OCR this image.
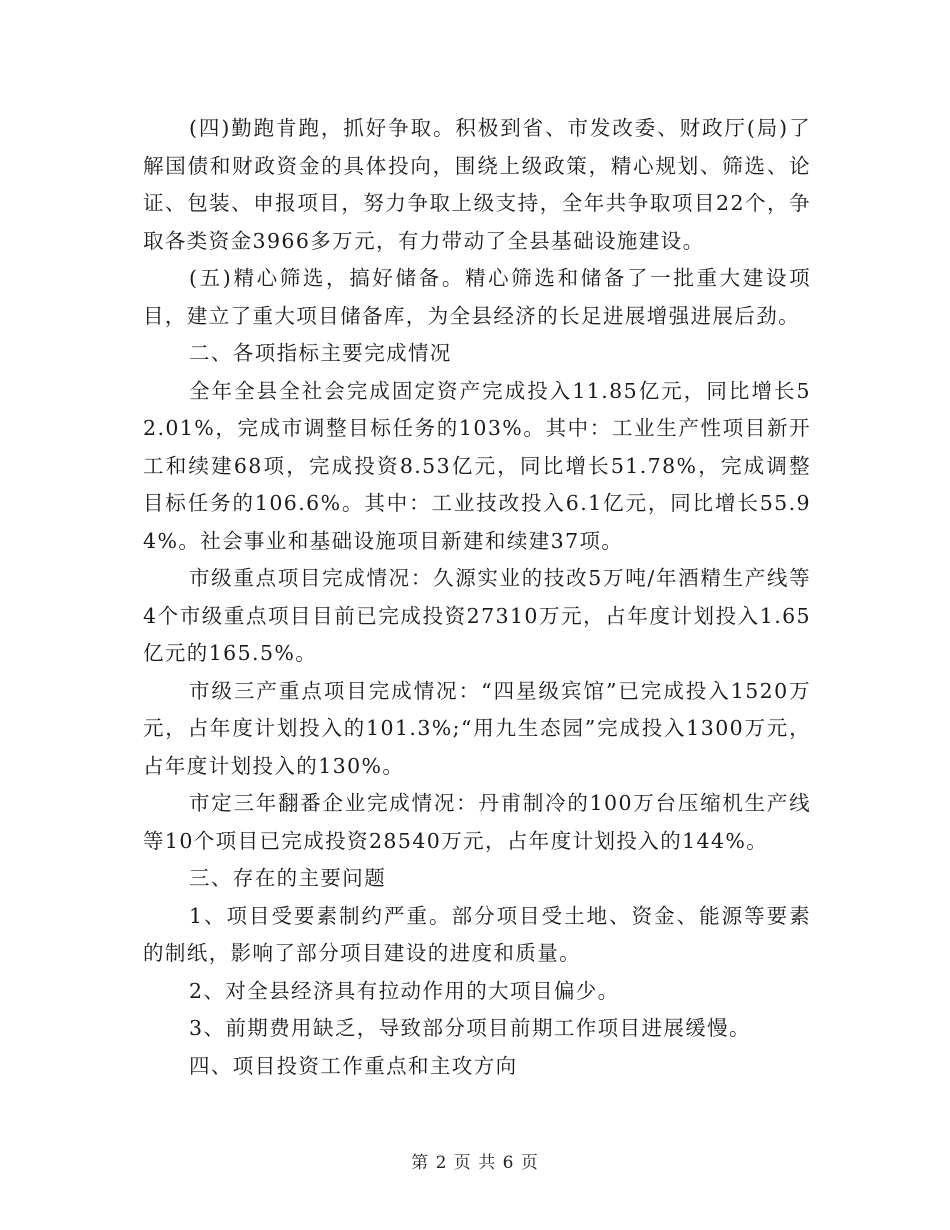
(四)勤跑肯跑，抓好争取。积极到省、市发改委、财政厅(局)了解国债和财政资金的具体投向，围绕上级政策，精心规划、筛选、论证、包装、申报项目，努力争取上级支持，全年共争取项目22个，争取各类资金3966多万元，有力带动了全县基础设施建设。

(五)精心筛选，搞好储备。精心筛选和储备了一批重大建设项目，建立了重大项目储备库，为全县经济的长足进展增强进展后劲。

二、各项指标主要完成情况

全年全县全社会完成固定资产完成投入11.85亿元，同比增长52.01%，完成市调整目标任务的103%。其中：工业生产性项目新开工和续建68项，完成投资8.53亿元，同比增长51.78%，完成调整目标任务的106.6%。其中：工业技改投入6.1亿元，同比增长55.94%。社会事业和基础设施项目新建和续建37项。

市级重点项目完成情况：久源实业的技改5万吨/年酒精生产线等4个市级重点项目目前已完成投资27310万元，占年度计划投入1.65亿元的165.5%。

市级三产重点项目完成情况：“四星级宾馆”已完成投入1520万元，占年度计划投入的101.3%;“用九生态园”完成投入1300万元，占年度计划投入的130%。

市定三年翻番企业完成情况：丹甫制冷的100万台压缩机生产线等10个项目已完成投资28540万元，占年度计划投入的144%。

三、存在的主要问题

1、项目受要素制约严重。部分项目受土地、资金、能源等要素的制纸，影响了部分项目建设的进度和质量。

2、对全县经济具有拉动作用的大项目偏少。

3、前期费用缺乏，导致部分项目前期工作项目进展缓慢。

四、项目投资工作重点和主攻方向

第 2 页 共 6 页
